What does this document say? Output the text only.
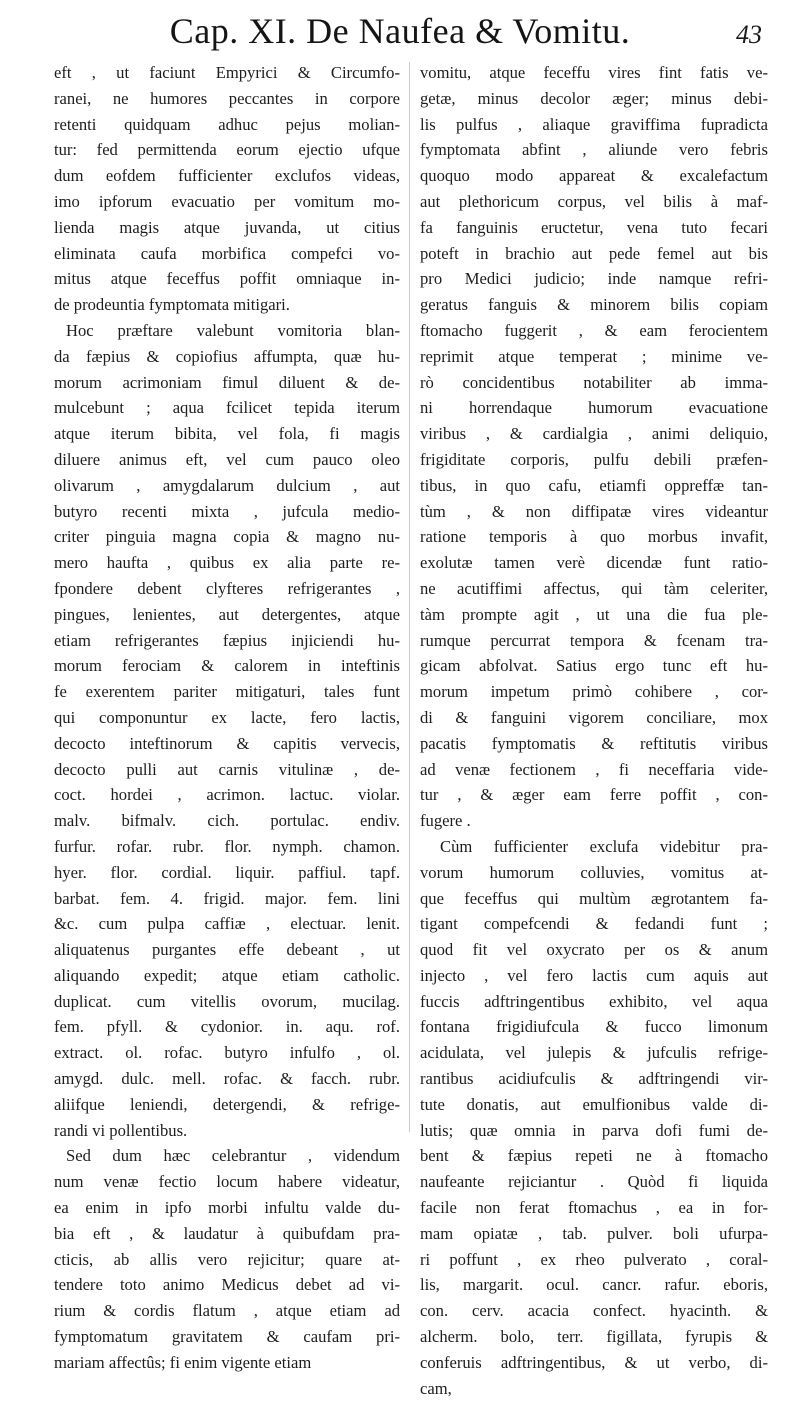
Cap. XI. De Naufea & Vomitu.	43
eft , ut faciunt Empyrici & Circumfo-
ranei, ne humores peccantes in corpore
retenti quidquam adhuc pejus molian-
tur: fed permittenda eorum ejectio ufque
dum eofdem fufficienter exclufos videas,
imo ipforum evacuatio per vomitum mo-
lienda magis atque juvanda, ut citius
eliminata caufa morbifica compefci vo-
mitus atque feceffus poffit omniaque in-
de prodeuntia fymptomata mitigari.
Hoc præftare valebunt vomitoria blan-
da fæpius & copiofius affumpta, quæ hu-
morum acrimoniam fimul diluent & de-
mulcebunt ; aqua fcilicet tepida iterum
atque iterum bibita, vel fola, fi magis
diluere animus eft, vel cum pauco oleo
olivarum , amygdalarum dulcium , aut
butyro recenti mixta , jufcula medio-
criter pinguia magna copia & magno nu-
mero haufta , quibus ex alia parte re-
fpondere debent clyfteres refrigerantes ,
pingues, lenientes, aut detergentes, atque
etiam refrigerantes fæpius injiciendi hu-
morum ferociam & calorem in inteftinis
fe exerentem pariter mitigaturi, tales funt
qui componuntur ex lacte, fero lactis,
decocto inteftinorum & capitis vervecis,
decocto pulli aut carnis vitulinæ , de-
coct. hordei , acrimon. lactuc. violar.
malv. bifmalv. cich. portulac. endiv.
furfur. rofar. rubr. flor. nymph. chamon.
hyer. flor. cordial. liquir. paffiul. tapf.
barbat. fem. 4. frigid. major. fem. lini
&c. cum pulpa caffiæ , electuar. lenit.
aliquatenus purgantes effe debeant , ut
aliquando expedit; atque etiam catholic.
duplicat. cum vitellis ovorum, mucilag.
fem. pfyll. & cydonior. in. aqu. rof.
extract. ol. rofac. butyro infulfo , ol.
amygd. dulc. mell. rofac. & facch. rubr.
aliifque leniendi, detergendi, & refrige-
randi vi pollentibus.
Sed dum hæc celebrantur , videndum
num venæ fectio locum habere videatur,
ea enim in ipfo morbi infultu valde du-
bia eft , & laudatur à quibufdam pra-
cticis, ab allis vero rejicitur; quare at-
tendere toto animo Medicus debet ad vi-
rium & cordis flatum , atque etiam ad
fymptomatum gravitatem & caufam pri-
mariam affectûs; fi enim vigente etiam
vomitu, atque feceffu vires fint fatis ve-
getæ, minus decolor æger; minus debi-
lis pulfus , aliaque graviffima fupradicta
fymptomata abfint , aliunde vero febris
quoquo modo appareat & excalefactum
aut plethoricum corpus, vel bilis à maf-
fa fanguinis eructetur, vena tuto fecari
poteft in brachio aut pede femel aut bis
pro Medici judicio; inde namque refri-
geratus fanguis & minorem bilis copiam
ftomacho fuggerit , & eam ferocientem
reprimit atque temperat ; minime ve-
rò concidentibus notabiliter ab imma-
ni horrendaque humorum evacuatione
viribus , & cardialgia , animi deliquio,
frigiditate corporis, pulfu debili præfen-
tibus, in quo cafu, etiamfi oppreffæ tan-
tùm , & non diffipatæ vires videantur
ratione temporis à quo morbus invafit,
exolutæ tamen verè dicendæ funt ratio-
ne acutiffimi affectus, qui tàm celeriter,
tàm prompte agit , ut una die fua ple-
rumque percurrat tempora & fcenam tra-
gicam abfolvat. Satius ergo tunc eft hu-
morum impetum primò cohibere , cor-
di & fanguini vigorem conciliare, mox
pacatis fymptomatis & reftitutis viribus
ad venæ fectionem , fi neceffaria vide-
tur , & æger eam ferre poffit , con-
fugere .
Cùm fufficienter exclufa videbitur pra-
vorum humorum colluvies, vomitus at-
que feceffus qui multùm ægrotantem fa-
tigant compefcendi & fedandi funt ;
quod fit vel oxycrato per os & anum
injecto , vel fero lactis cum aquis aut
fuccis adftringentibus exhibito, vel aqua
fontana frigidiufcula & fucco limonum
acidulata, vel julepis & jufculis refrige-
rantibus acidiufculis & adftringendi vir-
tute donatis, aut emulfionibus valde di-
lutis; quæ omnia in parva dofi fumi de-
bent & fæpius repeti ne à ftomacho
naufeante rejiciantur . Quòd fi liquida
facile non ferat ftomachus , ea in for-
mam opiatæ , tab. pulver. boli ufurpa-
ri poffunt , ex rheo pulverato , coral-
lis, margarit. ocul. cancr. rafur. eboris,
con. cerv. acacia confect. hyacinth. &
alcherm. bolo, terr. figillata, fyrupis &
conferuis adftringentibus, & ut verbo, di-
cam,
